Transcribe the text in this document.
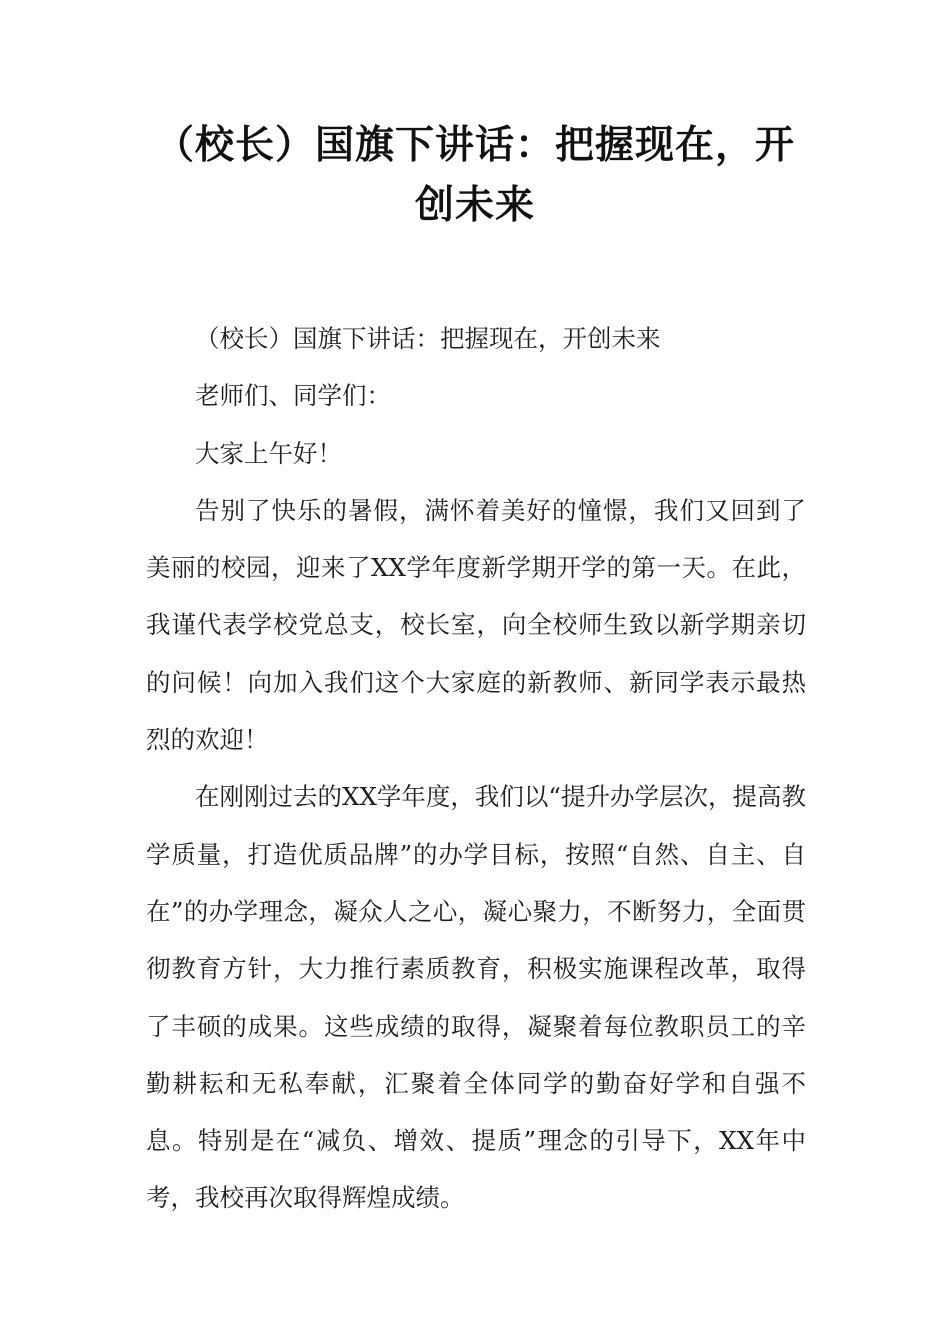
（校长）国旗下讲话：把握现在，开创未来

（校长）国旗下讲话：把握现在，开创未来

老师们、同学们：

大家上午好！

告别了快乐的暑假，满怀着美好的憧憬，我们又回到了美丽的校园，迎来了XX学年度新学期开学的第一天。在此，我谨代表学校党总支，校长室，向全校师生致以新学期亲切的问候！向加入我们这个大家庭的新教师、新同学表示最热烈的欢迎！

在刚刚过去的XX学年度，我们以“提升办学层次，提高教学质量，打造优质品牌”的办学目标，按照“自然、自主、自在”的办学理念，凝众人之心，凝心聚力，不断努力，全面贯彻教育方针，大力推行素质教育，积极实施课程改革，取得了丰硕的成果。这些成绩的取得，凝聚着每位教职员工的辛勤耕耘和无私奉献，汇聚着全体同学的勤奋好学和自强不息。特别是在“减负、增效、提质”理念的引导下，XX年中考，我校再次取得辉煌成绩。
